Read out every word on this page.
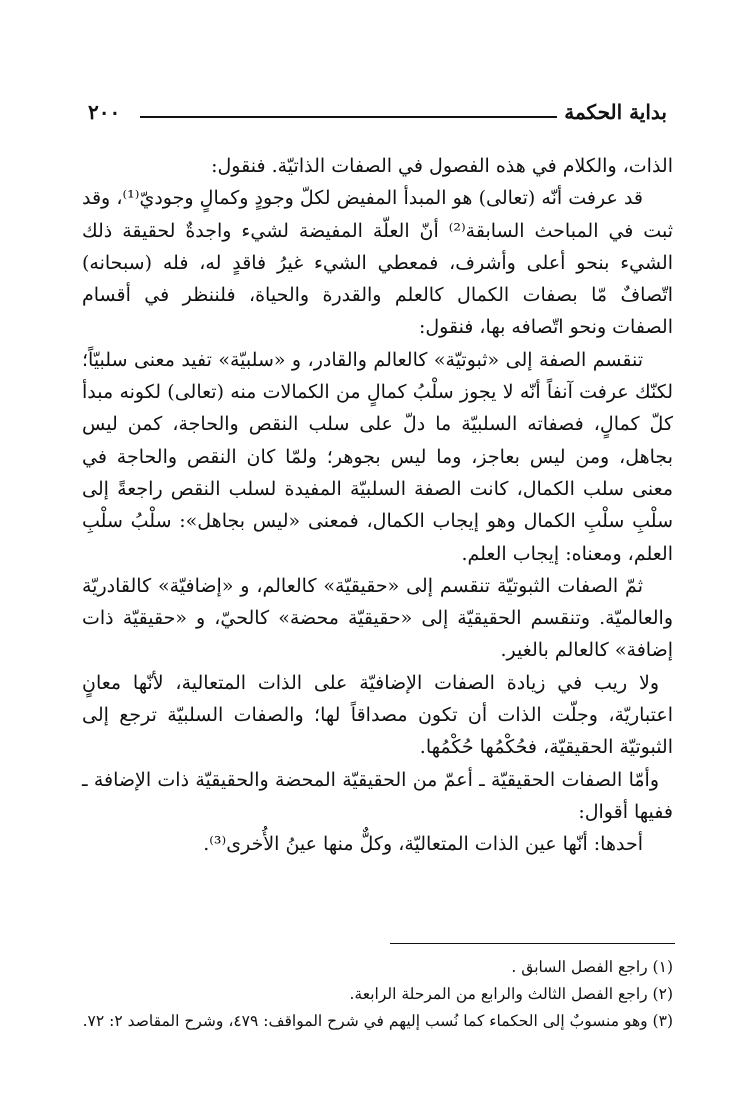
٢٠٠	بداية الحكمة

الذات، والكلام في هذه الفصول في الصفات الذاتيّة. فنقول:

قد عرفت أنّه (تعالى) هو المبدأ المفيض لكلّ وجودٍ وكمالٍ وجوديّ⁽¹⁾، وقد ثبت في المباحث السابقة⁽²⁾ أنّ العلّة المفيضة لشيء واجدةٌ لحقيقة ذلك الشيء بنحو أعلى وأشرف، فمعطي الشيء غيرُ فاقدٍ له، فله (سبحانه) اتّصافٌ مّا بصفات الكمال كالعلم والقدرة والحياة، فلننظر في أقسام الصفات ونحو اتّصافه بها، فنقول:

تنقسم الصفة إلى «ثبوتيّة» كالعالم والقادر، و «سلبيّة» تفيد معنى سلبيّاً؛ لكنّك عرفت آنفاً أنّه لا يجوز سلْبُ كمالٍ من الكمالات منه (تعالى) لكونه مبدأ كلّ كمالٍ، فصفاته السلبيّة ما دلّ على سلب النقص والحاجة، كمن ليس بجاهل، ومن ليس بعاجز، وما ليس بجوهر؛ ولمّا كان النقص والحاجة في معنى سلب الكمال، كانت الصفة السلبيّة المفيدة لسلب النقص راجعةً إلى سلْبِ سلْبِ الكمال وهو إيجاب الكمال، فمعنى «ليس بجاهل»: سلْبُ سلْبِ العلم، ومعناه: إيجاب العلم.

ثمّ الصفات الثبوتيّة تنقسم إلى «حقيقيّة» كالعالم، و «إضافيّة» كالقادريّة والعالميّة. وتنقسم الحقيقيّة إلى «حقيقيّة محضة» كالحيّ، و «حقيقيّة ذات إضافة» كالعالم بالغير.

ولا ريب في زيادة الصفات الإضافيّة على الذات المتعالية، لأنّها معانٍ اعتباريّة، وجلّت الذات أن تكون مصداقاً لها؛ والصفات السلبيّة ترجع إلى الثبوتيّة الحقيقيّة، فحُكْمُها حُكْمُها.

وأمّا الصفات الحقيقيّة ـ أعمّ من الحقيقيّة المحضة والحقيقيّة ذات الإضافة ـ ففيها أقوال:

أحدها: أنّها عين الذات المتعاليّة، وكلٌّ منها عينُ الأُخرى⁽³⁾.

(١) راجع الفصل السابق .

(٢) راجع الفصل الثالث والرابع من المرحلة الرابعة.

(٣) وهو منسوبٌ إلى الحكماء كما نُسب إليهم في شرح المواقف: ٤٧٩، وشرح المقاصد ٢: ٧٢.
